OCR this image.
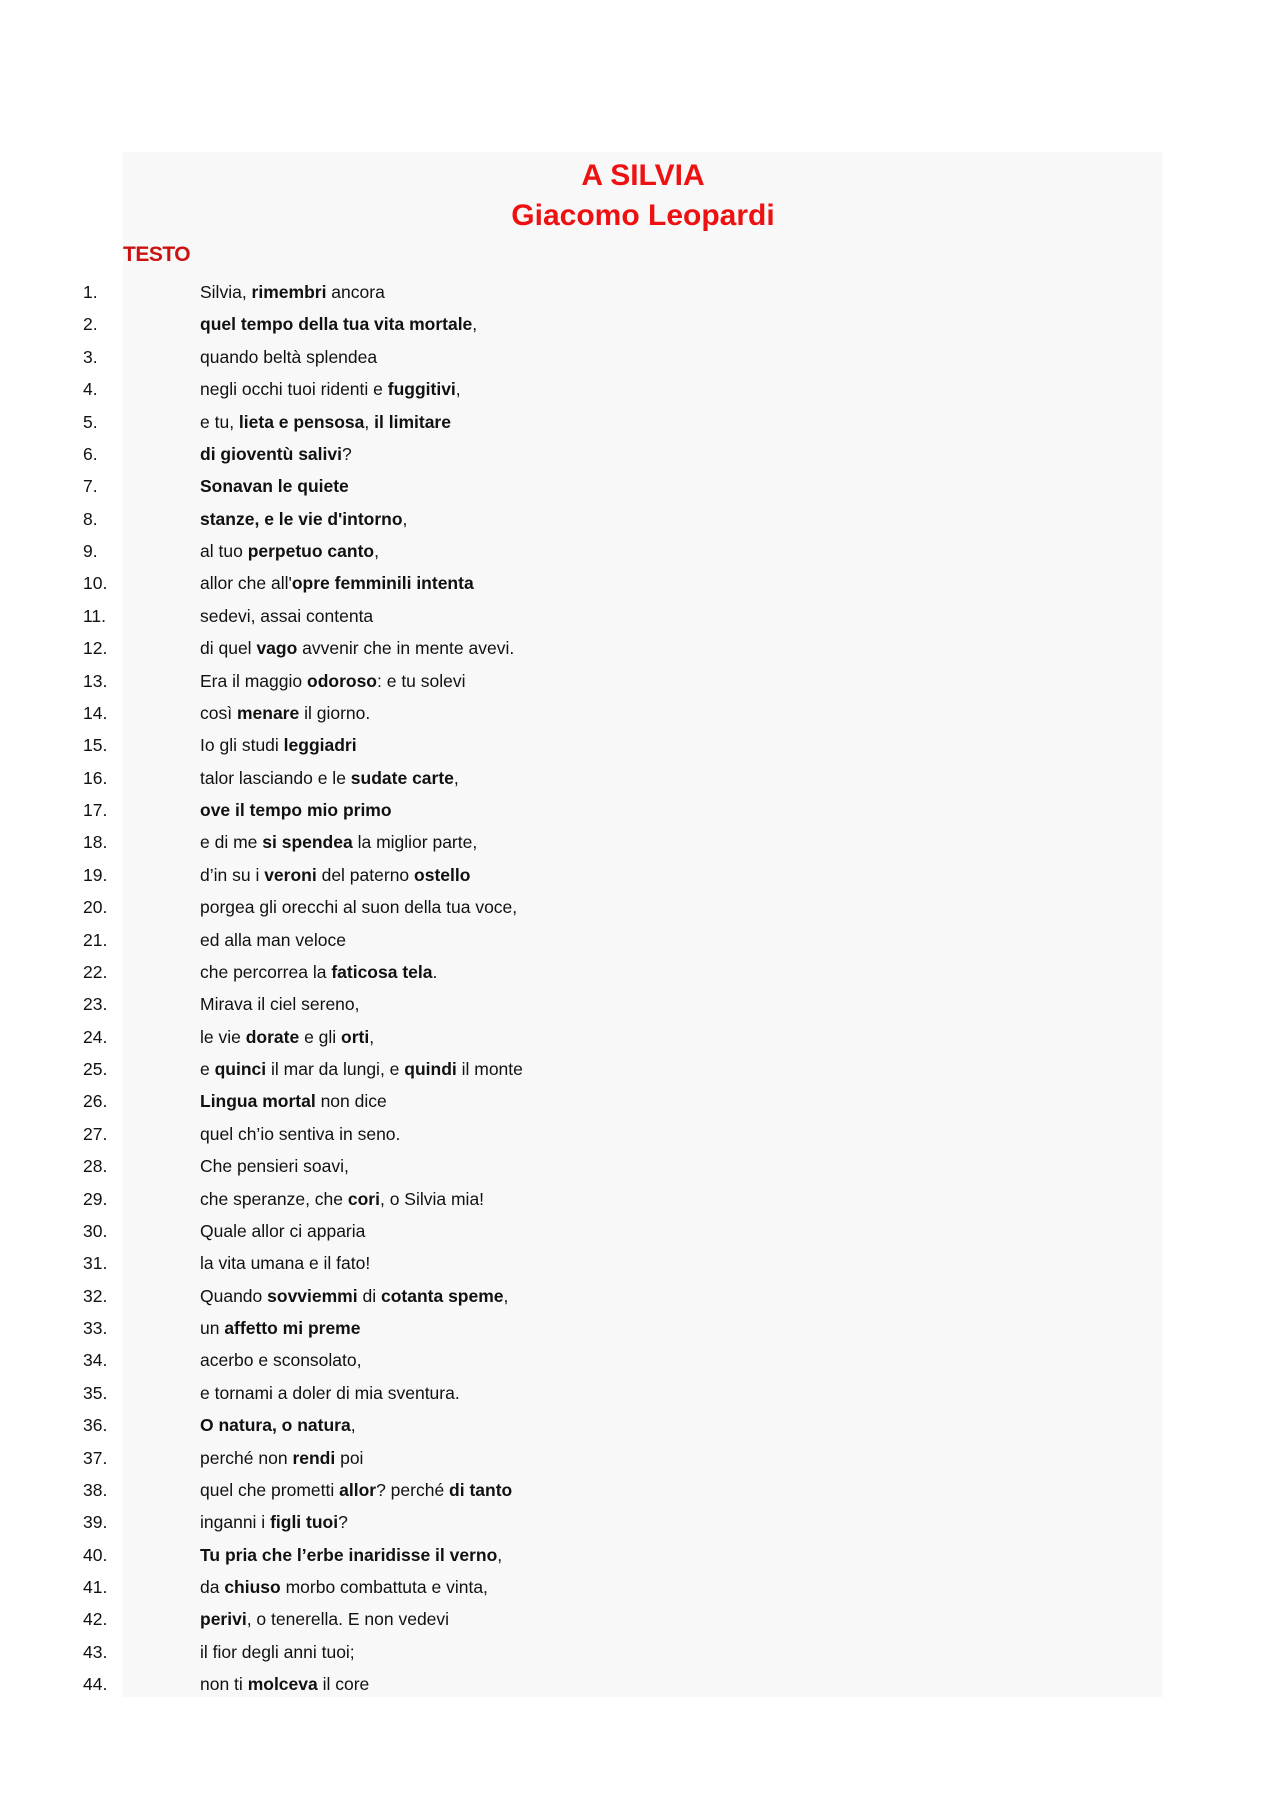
A SILVIA
Giacomo Leopardi
TESTO
1.	Silvia, rimembri ancora
2.	quel tempo della tua vita mortale,
3.	quando beltà splendea
4.	negli occhi tuoi ridenti e fuggitivi,
5.	e tu, lieta e pensosa, il limitare
6.	di gioventù salivi?
7.	Sonavan le quiete
8.	stanze, e le vie d'intorno,
9.	al tuo perpetuo canto,
10.	allor che all'opre femminili intenta
11.	sedevi, assai contenta
12.	di quel vago avvenir che in mente avevi.
13.	Era il maggio odoroso: e tu solevi
14.	così menare il giorno.
15.	Io gli studi leggiadri
16.	talor lasciando e le sudate carte,
17.	ove il tempo mio primo
18.	e di me si spendea la miglior parte,
19.	d’in su i veroni del paterno ostello
20.	porgea gli orecchi al suon della tua voce,
21.	ed alla man veloce
22.	che percorrea la faticosa tela.
23.	Mirava il ciel sereno,
24.	le vie dorate e gli orti,
25.	e quinci il mar da lungi, e quindi il monte
26.	Lingua mortal non dice
27.	quel ch’io sentiva in seno.
28.	Che pensieri soavi,
29.	che speranze, che cori, o Silvia mia!
30.	Quale allor ci apparia
31.	la vita umana e il fato!
32.	Quando sovviemmi di cotanta speme,
33.	un affetto mi preme
34.	acerbo e sconsolato,
35.	e tornami a doler di mia sventura.
36.	O natura, o natura,
37.	perché non rendi poi
38.	quel che prometti allor? perché di tanto
39.	inganni i figli tuoi?
40.	Tu pria che l’erbe inaridisse il verno,
41.	da chiuso morbo combattuta e vinta,
42.	perivi, o tenerella. E non vedevi
43.	il fior degli anni tuoi;
44.	non ti molceva il core
